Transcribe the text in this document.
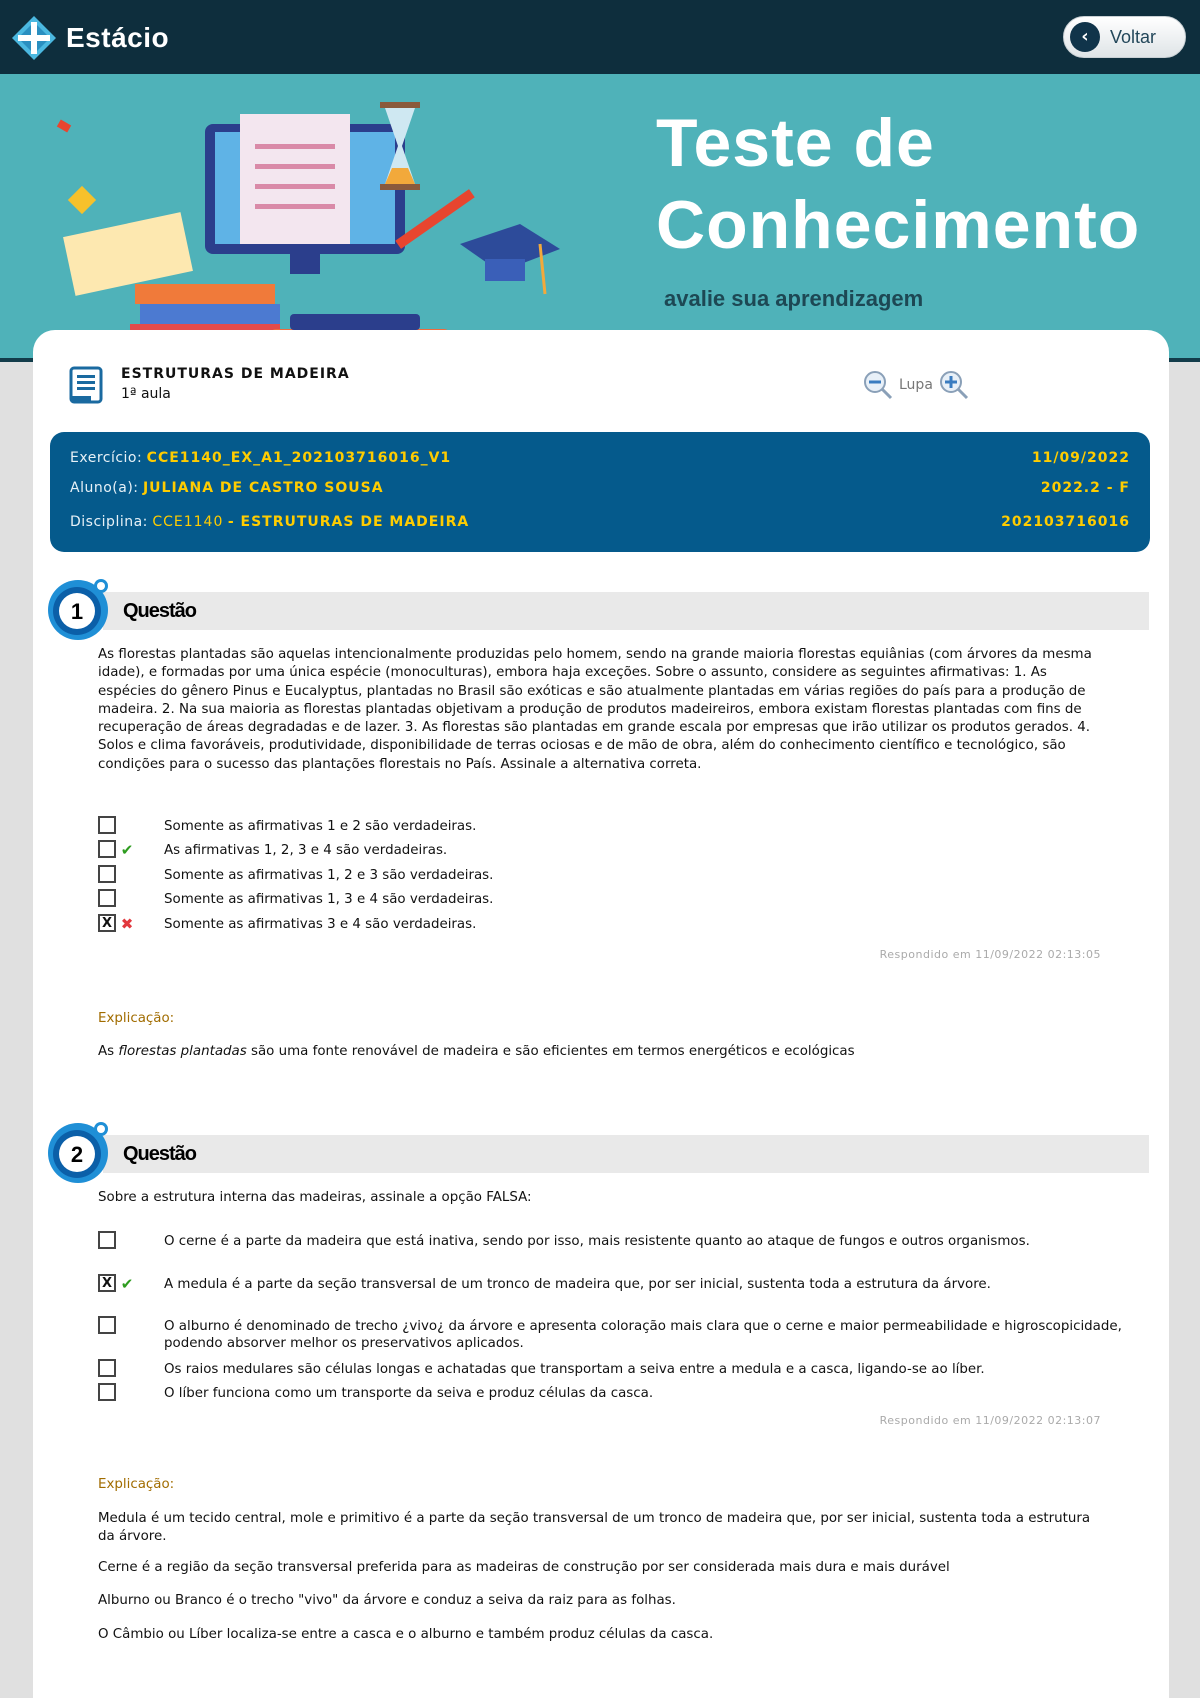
Estácio	‹	Voltar
Teste de
Conhecimento
avalie sua aprendizagem
ESTRUTURAS DE MADEIRA
1ª aula
Lupa
Exercício: CCE1140_EX_A1_202103716016_V1	11/09/2022
Aluno(a): JULIANA DE CASTRO SOUSA	2022.2 - F
Disciplina: CCE1140 - ESTRUTURAS DE MADEIRA	202103716016
1 Questão
As florestas plantadas são aquelas intencionalmente produzidas pelo homem, sendo na grande maioria florestas equiânias (com árvores da mesma idade), e formadas por uma única espécie (monoculturas), embora haja exceções. Sobre o assunto, considere as seguintes afirmativas: 1. As espécies do gênero Pinus e Eucalyptus, plantadas no Brasil são exóticas e são atualmente plantadas em várias regiões do país para a produção de madeira. 2. Na sua maioria as florestas plantadas objetivam a produção de produtos madeireiros, embora existam florestas plantadas com fins de recuperação de áreas degradadas e de lazer. 3. As florestas são plantadas em grande escala por empresas que irão utilizar os produtos gerados. 4. Solos e clima favoráveis, produtividade, disponibilidade de terras ociosas e de mão de obra, além do conhecimento científico e tecnológico, são condições para o sucesso das plantações florestais no País. Assinale a alternativa correta.
Somente as afirmativas 1 e 2 são verdadeiras.
✔	As afirmativas 1, 2, 3 e 4 são verdadeiras.
Somente as afirmativas 1, 2 e 3 são verdadeiras.
Somente as afirmativas 1, 3 e 4 são verdadeiras.
X ✖	Somente as afirmativas 3 e 4 são verdadeiras.
Respondido em 11/09/2022 02:13:05
Explicação:
As florestas plantadas são uma fonte renovável de madeira e são eficientes em termos energéticos e ecológicas
2 Questão
Sobre a estrutura interna das madeiras, assinale a opção FALSA:
O cerne é a parte da madeira que está inativa, sendo por isso, mais resistente quanto ao ataque de fungos e outros organismos.
X ✔	A medula é a parte da seção transversal de um tronco de madeira que, por ser inicial, sustenta toda a estrutura da árvore.
O alburno é denominado de trecho ¿vivo¿ da árvore e apresenta coloração mais clara que o cerne e maior permeabilidade e higroscopicidade, podendo absorver melhor os preservativos aplicados.
Os raios medulares são células longas e achatadas que transportam a seiva entre a medula e a casca, ligando-se ao líber.
O líber funciona como um transporte da seiva e produz células da casca.
Respondido em 11/09/2022 02:13:07
Explicação:
Medula é um tecido central, mole e primitivo é a parte da seção transversal de um tronco de madeira que, por ser inicial, sustenta toda a estrutura da árvore.
Cerne é a região da seção transversal preferida para as madeiras de construção por ser considerada mais dura e mais durável
Alburno ou Branco é o trecho "vivo" da árvore e conduz a seiva da raiz para as folhas.
O Câmbio ou Líber localiza-se entre a casca e o alburno e também produz células da casca.
